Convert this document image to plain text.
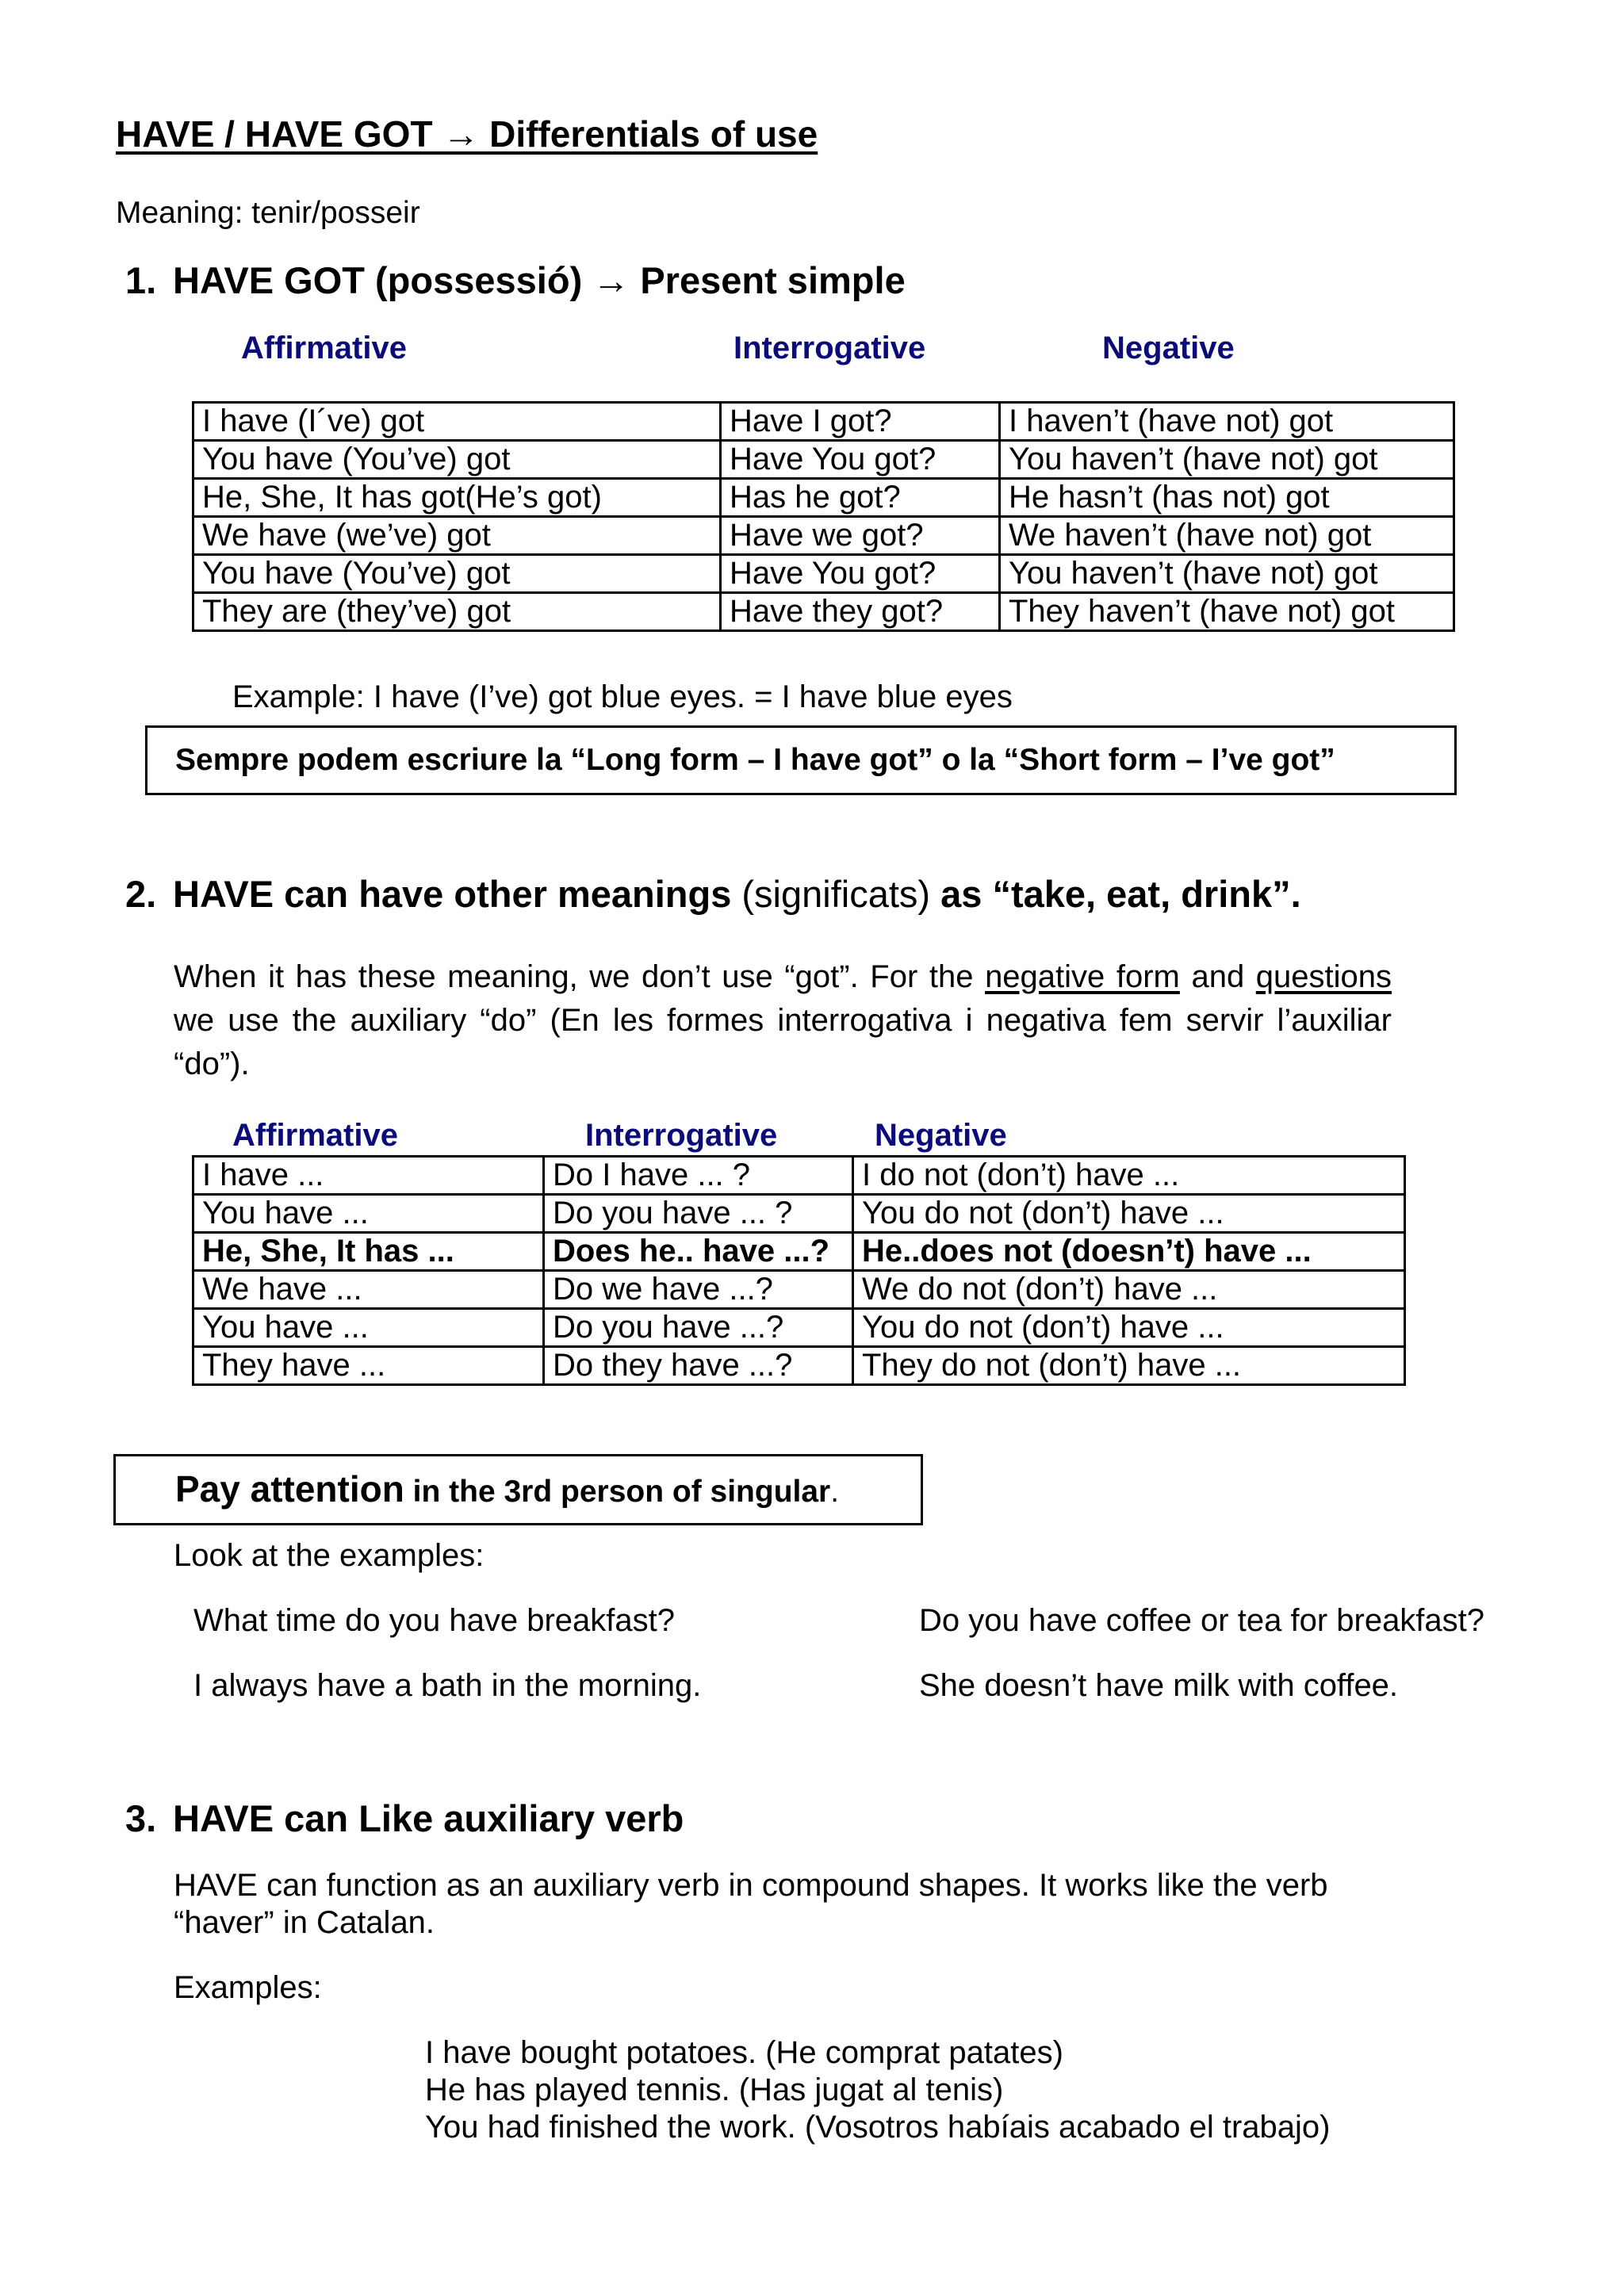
HAVE / HAVE GOT → Differentials of use
Meaning: tenir/posseir
1. HAVE GOT (possessió) → Present simple
Affirmative	Interrogative	Negative
I have (I´ve) got	Have I got?	I haven’t (have not) got
You have (You’ve) got	Have You got?	You haven’t (have not) got
He, She, It has got(He’s got)	Has he got?	He hasn’t (has not) got
We have (we’ve) got	Have we got?	We haven’t (have not) got
You have (You’ve) got	Have You got?	You haven’t (have not) got
They are (they’ve) got	Have they got?	They haven’t (have not) got
Example: I have (I’ve) got blue eyes. = I have blue eyes
Sempre podem escriure la “Long form – I have got” o la “Short form – I’ve got”
2. HAVE can have other meanings (significats) as “take, eat, drink”.
When it has these meaning, we don’t use “got”. For the negative form and questions we use the auxiliary “do” (En les formes interrogativa i negativa fem servir l’auxiliar “do”).
Affirmative	Interrogative	Negative
I have ...	Do I have ... ?	I do not (don’t) have ...
You have ...	Do you have ... ?	You do not (don’t) have ...
He, She, It has ...	Does he.. have ...?	He..does not (doesn’t) have ...
We have ...	Do we have ...?	We do not (don’t) have ...
You have ...	Do you have ...?	You do not (don’t) have ...
They have ...	Do they have ...?	They do not (don’t) have ...
Pay attention in the 3rd person of singular.
Look at the examples:
What time do you have breakfast?	Do you have coffee or tea for breakfast?
I always have a bath in the morning.	She doesn’t have milk with coffee.
3. HAVE can Like auxiliary verb
HAVE can function as an auxiliary verb in compound shapes. It works like the verb
“haver” in Catalan.
Examples:
I have bought potatoes. (He comprat patates)
He has played tennis. (Has jugat al tenis)
You had finished the work. (Vosotros habíais acabado el trabajo)
